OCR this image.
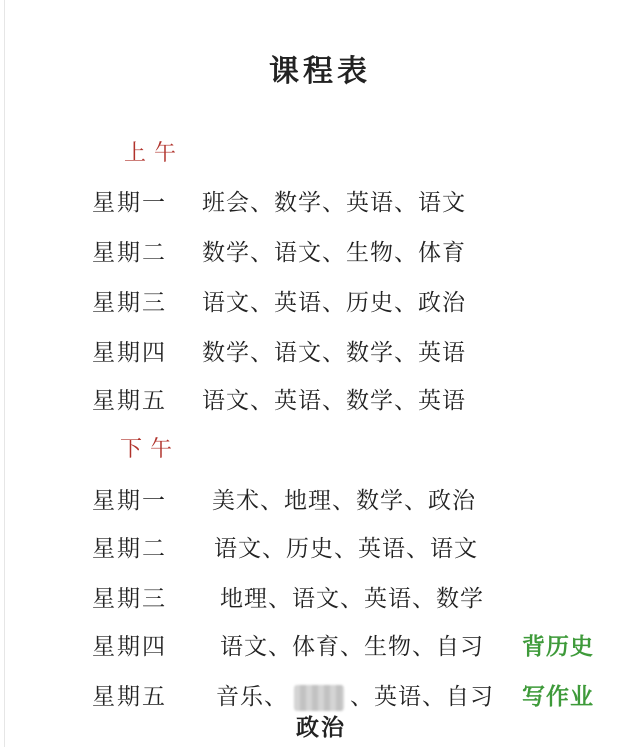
课程表
上午
星期一 班会、数学、英语、语文
星期二 数学、语文、生物、体育
星期三 语文、英语、历史、政治
星期四 数学、语文、数学、英语
星期五 语文、英语、数学、英语
下午
星期一 美术、地理、数学、政治
星期二 语文、历史、英语、语文
星期三 地理、语文、英语、数学
星期四 语文、体育、生物、自习 背历史
星期五 音乐、	、英语、自习 写作业
政治
